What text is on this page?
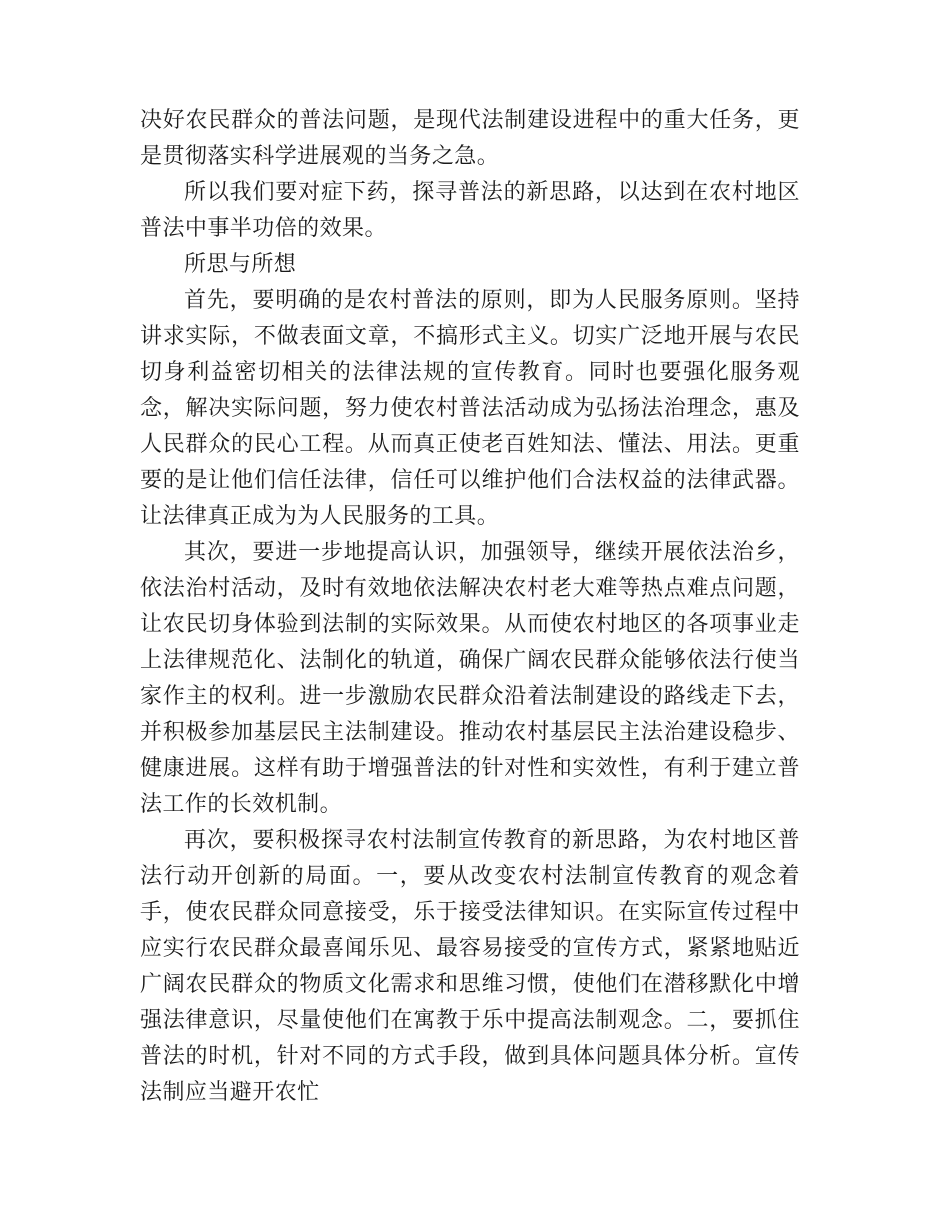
决好农民群众的普法问题，是现代法制建设进程中的重大任务，更是贯彻落实科学进展观的当务之急。

所以我们要对症下药，探寻普法的新思路，以达到在农村地区普法中事半功倍的效果。

所思与所想

首先，要明确的是农村普法的原则，即为人民服务原则。坚持讲求实际，不做表面文章，不搞形式主义。切实广泛地开展与农民切身利益密切相关的法律法规的宣传教育。同时也要强化服务观念，解决实际问题，努力使农村普法活动成为弘扬法治理念，惠及人民群众的民心工程。从而真正使老百姓知法、懂法、用法。更重要的是让他们信任法律，信任可以维护他们合法权益的法律武器。让法律真正成为为人民服务的工具。

其次，要进一步地提高认识，加强领导，继续开展依法治乡，依法治村活动，及时有效地依法解决农村老大难等热点难点问题，让农民切身体验到法制的实际效果。从而使农村地区的各项事业走上法律规范化、法制化的轨道，确保广阔农民群众能够依法行使当家作主的权利。进一步激励农民群众沿着法制建设的路线走下去，并积极参加基层民主法制建设。推动农村基层民主法治建设稳步、健康进展。这样有助于增强普法的针对性和实效性，有利于建立普法工作的长效机制。

再次，要积极探寻农村法制宣传教育的新思路，为农村地区普法行动开创新的局面。一，要从改变农村法制宣传教育的观念着手，使农民群众同意接受，乐于接受法律知识。在实际宣传过程中应实行农民群众最喜闻乐见、最容易接受的宣传方式，紧紧地贴近广阔农民群众的物质文化需求和思维习惯，使他们在潜移默化中增强法律意识，尽量使他们在寓教于乐中提高法制观念。二，要抓住普法的时机，针对不同的方式手段，做到具体问题具体分析。宣传法制应当避开农忙
